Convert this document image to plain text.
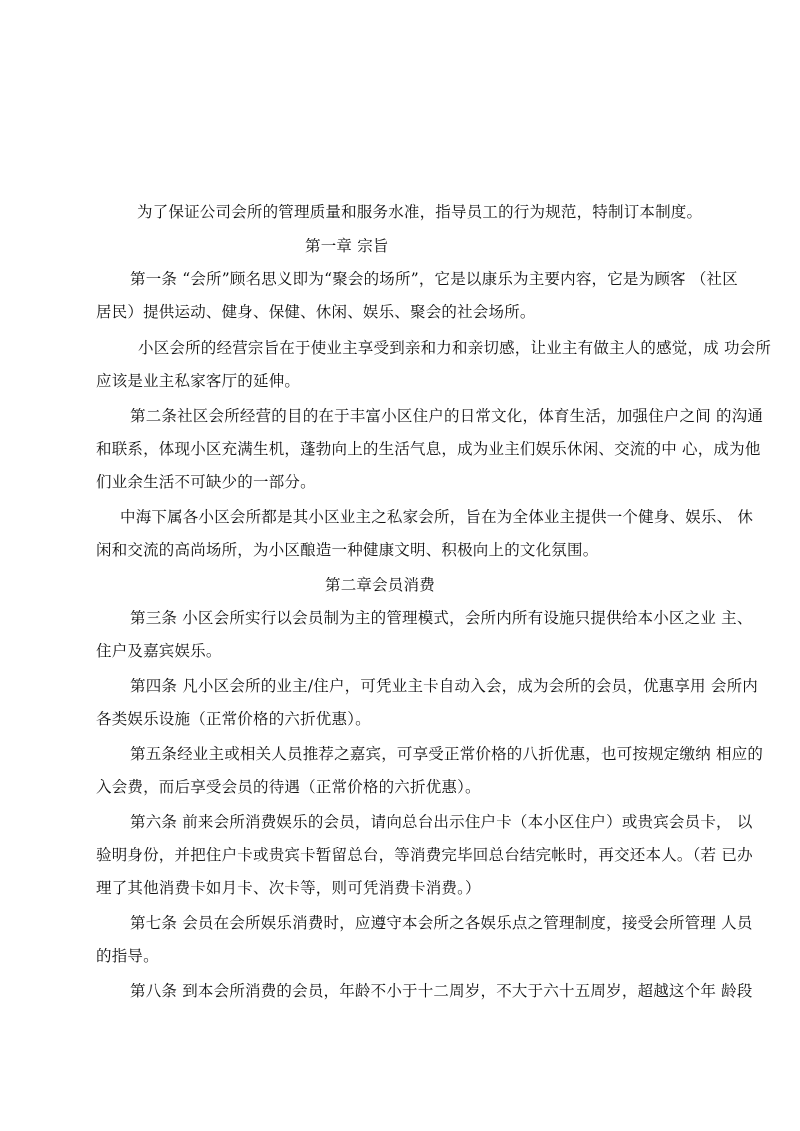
为了保证公司会所的管理质量和服务水准，指导员工的行为规范，特制订本制度。
第一章 宗旨
第一条 “会所”顾名思义即为“聚会的场所”，它是以康乐为主要内容，它是为顾客 （社区
居民）提供运动、健身、保健、休闲、娱乐、聚会的社会场所。
小区会所的经营宗旨在于使业主享受到亲和力和亲切感，让业主有做主人的感觉，成 功会所
应该是业主私家客厅的延伸。
第二条社区会所经营的目的在于丰富小区住户的日常文化，体育生活，加强住户之间 的沟通
和联系，体现小区充满生机，蓬勃向上的生活气息，成为业主们娱乐休闲、交流的中 心，成为他
们业余生活不可缺少的一部分。
中海下属各小区会所都是其小区业主之私家会所，旨在为全体业主提供一个健身、娱乐、 休
闲和交流的高尚场所，为小区酿造一种健康文明、积极向上的文化氛围。
第二章会员消费
第三条 小区会所实行以会员制为主的管理模式，会所内所有设施只提供给本小区之业 主、
住户及嘉宾娱乐。
第四条 凡小区会所的业主/住户，可凭业主卡自动入会，成为会所的会员，优惠享用 会所内
各类娱乐设施（正常价格的六折优惠）。
第五条经业主或相关人员推荐之嘉宾，可享受正常价格的八折优惠，也可按规定缴纳 相应的
入会费，而后享受会员的待遇（正常价格的六折优惠）。
第六条 前来会所消费娱乐的会员，请向总台出示住户卡（本小区住户）或贵宾会员卡， 以
验明身份，并把住户卡或贵宾卡暂留总台，等消费完毕回总台结完帐时，再交还本人。（若 已办
理了其他消费卡如月卡、次卡等，则可凭消费卡消费。）
第七条 会员在会所娱乐消费时，应遵守本会所之各娱乐点之管理制度，接受会所管理 人员
的指导。
第八条 到本会所消费的会员，年龄不小于十二周岁，不大于六十五周岁，超越这个年 龄段
